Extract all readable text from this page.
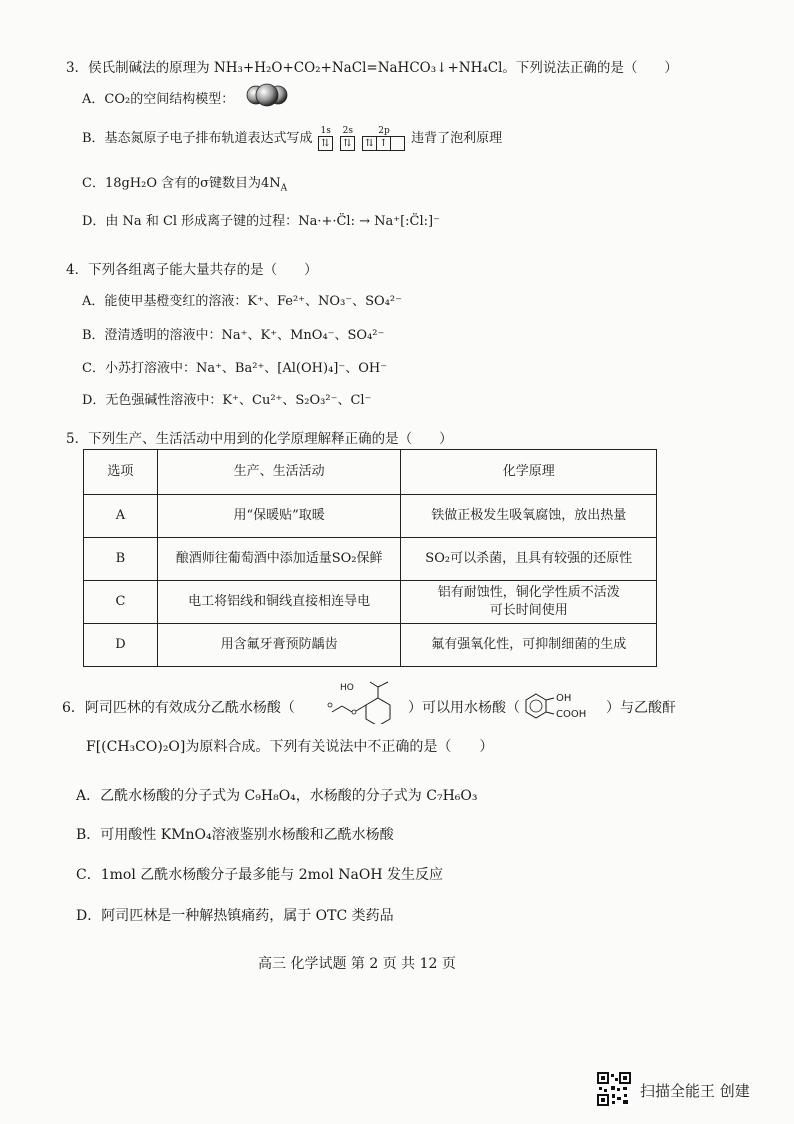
3．侯氏制碱法的原理为 NH₃+H₂O+CO₂+NaCl=NaHCO₃↓+NH₄Cl。下列说法正确的是（　　）
A．CO₂的空间结构模型：
B．基态氮原子电子排布轨道表达式写成 1s
⇅

2s
⇅

2p
⇅ ↑ 违背了泡利原理
C．18gH₂O 含有的σ键数目为$4N_A$
D．由 Na 和 Cl 形成离子键的过程：Na·+·C̈l: → Na⁺[:C̈l:]⁻
4．下列各组离子能大量共存的是（　　）
A．能使甲基橙变红的溶液：K⁺、Fe²⁺、NO₃⁻、SO₄²⁻
B．澄清透明的溶液中：Na⁺、K⁺、MnO₄⁻、SO₄²⁻
C．小苏打溶液中：Na⁺、Ba²⁺、[Al(OH)₄]⁻、OH⁻
D．无色强碱性溶液中：K⁺、Cu²⁺、S₂O₃²⁻、Cl⁻
5．下列生产、生活活动中用到的化学原理解释正确的是（　　）
选项	生产、生活活动	化学原理
A	用“保暖贴”取暖	铁做正极发生吸氧腐蚀，放出热量
B	酿酒师往葡萄酒中添加适量SO₂保鲜	SO₂可以杀菌，且具有较强的还原性
C	电工将铝线和铜线直接相连导电	铝有耐蚀性，铜化学性质不活泼可长时间使用
D	用含氟牙膏预防龋齿	氟有强氧化性，可抑制细菌的生成
6．阿司匹林的有效成分乙酰水杨酸（
HO
）可以用水杨酸（
OH
COOH ）与乙酸酐
F[(CH₃CO)₂O]为原料合成。下列有关说法中不正确的是（　　）
A．乙酰水杨酸的分子式为 C₉H₈O₄，水杨酸的分子式为 C₇H₆O₃
B．可用酸性 KMnO₄溶液鉴别水杨酸和乙酰水杨酸
C．1mol 乙酰水杨酸分子最多能与 2mol NaOH 发生反应
D．阿司匹林是一种解热镇痛药，属于 OTC 类药品
高三 化学试题 第 2 页 共 12 页
扫描全能王 创建
